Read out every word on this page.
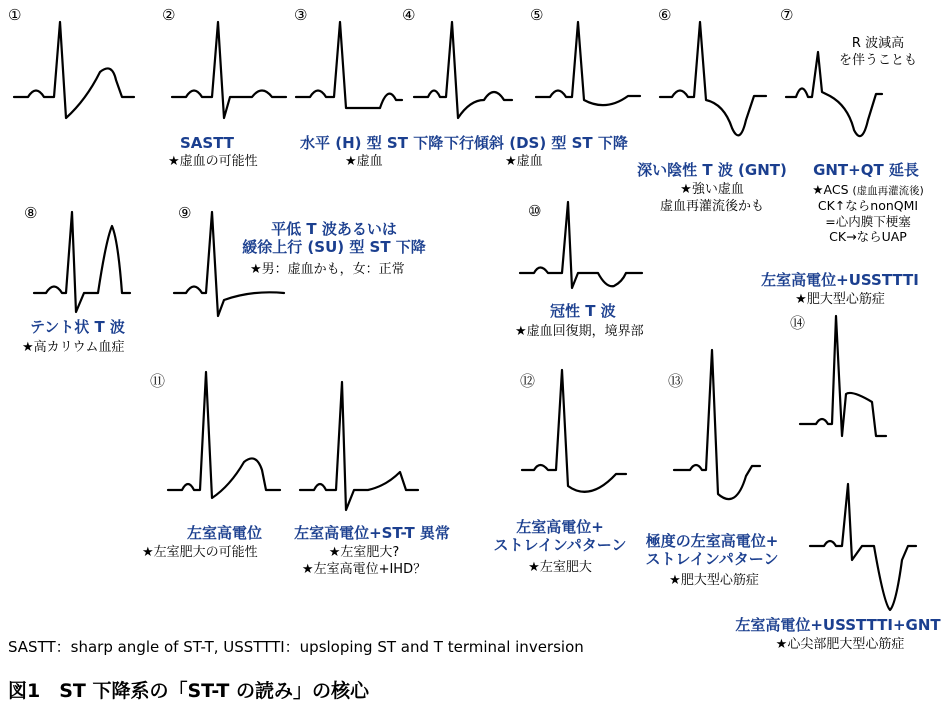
①	②
SASTT
★虚血の可能性
③
水平 (H) 型 ST 下降
★虚血
④
下行傾斜 (DS) 型 ST 下降
★虚血
⑤	⑥
深い陰性 T 波 (GNT)
★強い虚血
虚血再灌流後かも
⑦
R 波減高
を伴うことも
GNT+QT 延長
★ACS (虚血再灌流後)
CK↑ならnonQMI
=心内膜下梗塞
CK→ならUAP
⑧
テント状 T 波
★高カリウム血症
⑨
平低 T 波あるいは
緩徐上行 (SU) 型 ST 下降
★男：虚血かも，女：正常
⑩
冠性 T 波
★虚血回復期，境界部
⑪
左室高電位
★左室肥大の可能性
左室高電位+ST-T 異常
★左室肥大?
★左室高電位+IHD？
⑫
左室高電位+
ストレインパターン
★左室肥大
⑬
極度の左室高電位+
ストレインパターン
★肥大型心筋症
左室高電位+USSTTTI
★肥大型心筋症
⑭
左室高電位+USSTTTI+GNT
★心尖部肥大型心筋症
SASTT：sharp angle of ST-T, USSTTTI：upsloping ST and T terminal inversion
図1　ST 下降系の「ST-T の読み」の核心
